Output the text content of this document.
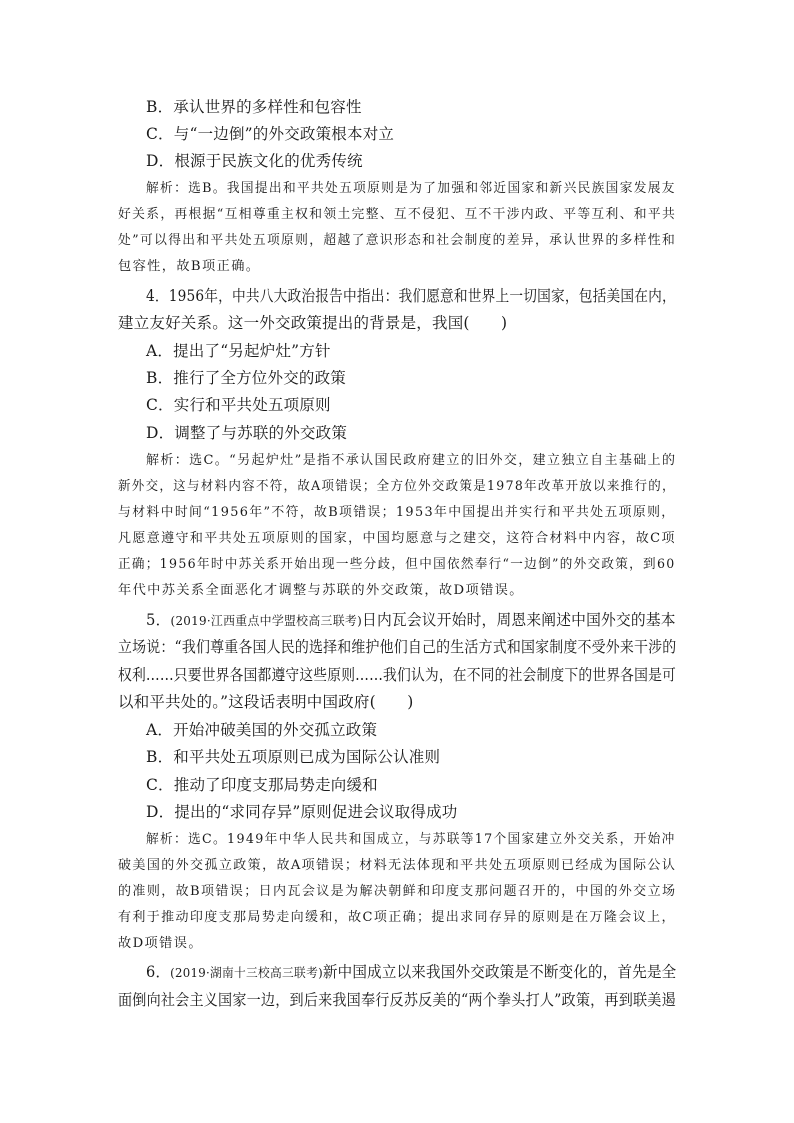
B．承认世界的多样性和包容性
C．与“一边倒”的外交政策根本对立
D．根源于民族文化的优秀传统
解析：选B。我国提出和平共处五项原则是为了加强和邻近国家和新兴民族国家发展友
好关系，再根据“互相尊重主权和领土完整、互不侵犯、互不干涉内政、平等互利、和平共
处”可以得出和平共处五项原则，超越了意识形态和社会制度的差异，承认世界的多样性和
包容性，故B项正确。
4．1956年，中共八大政治报告中指出：我们愿意和世界上一切国家，包括美国在内，
建立友好关系。这一外交政策提出的背景是，我国(　　)
A．提出了“另起炉灶”方针
B．推行了全方位外交的政策
C．实行和平共处五项原则
D．调整了与苏联的外交政策
解析：选C。“另起炉灶”是指不承认国民政府建立的旧外交，建立独立自主基础上的
新外交，这与材料内容不符，故A项错误；全方位外交政策是1978年改革开放以来推行的，
与材料中时间“1956年”不符，故B项错误；1953年中国提出并实行和平共处五项原则，
凡愿意遵守和平共处五项原则的国家，中国均愿意与之建交，这符合材料中内容，故C项
正确；1956年时中苏关系开始出现一些分歧，但中国依然奉行“一边倒”的外交政策，到60
年代中苏关系全面恶化才调整与苏联的外交政策，故D项错误。
5．(2019·江西重点中学盟校高三联考)日内瓦会议开始时，周恩来阐述中国外交的基本
立场说：“我们尊重各国人民的选择和维护他们自己的生活方式和国家制度不受外来干涉的
权利……只要世界各国都遵守这些原则……我们认为，在不同的社会制度下的世界各国是可
以和平共处的。”这段话表明中国政府(　　)
A．开始冲破美国的外交孤立政策
B．和平共处五项原则已成为国际公认准则
C．推动了印度支那局势走向缓和
D．提出的“求同存异”原则促进会议取得成功
解析：选C。1949年中华人民共和国成立，与苏联等17个国家建立外交关系，开始冲
破美国的外交孤立政策，故A项错误；材料无法体现和平共处五项原则已经成为国际公认
的准则，故B项错误；日内瓦会议是为解决朝鲜和印度支那问题召开的，中国的外交立场
有利于推动印度支那局势走向缓和，故C项正确；提出求同存异的原则是在万隆会议上，
故D项错误。
6．(2019·湖南十三校高三联考)新中国成立以来我国外交政策是不断变化的，首先是全
面倒向社会主义国家一边，到后来我国奉行反苏反美的“两个拳头打人”政策，再到联美遏
